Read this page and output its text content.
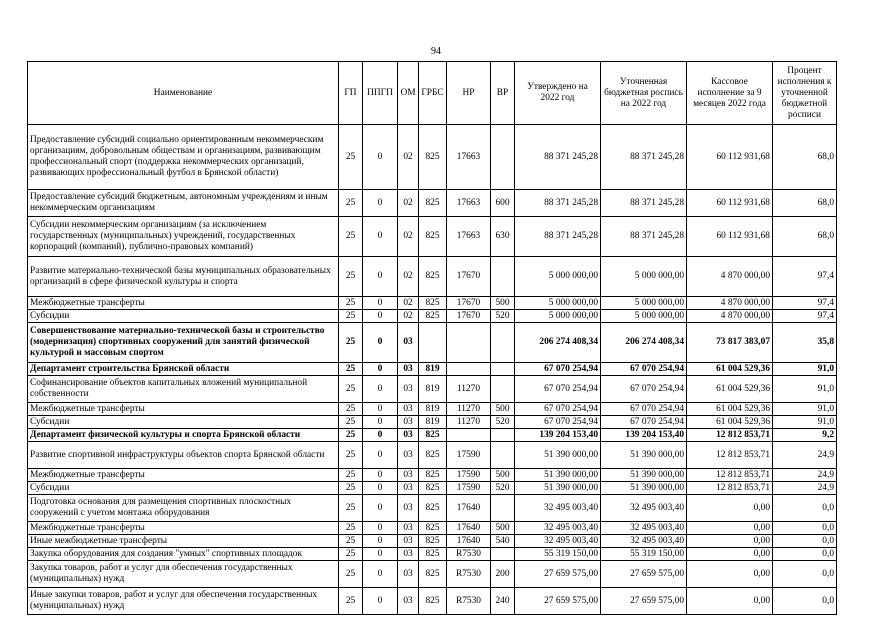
94
Наименование	ГП	ППГП	ОМ	ГРБС	НР	ВР	Утверждено на 2022 год	Уточненная бюджетная роспись на 2022 год	Кассовое исполнение за 9 месяцев 2022 года	Процент исполнения к уточненной бюджетной росписи
Предоставление субсидий социально ориентированным некоммерческим организациям, добровольным обществам и организациям, развивающим профессиональный спорт (поддержка некоммерческих организаций, развивающих профессиональный футбол в Брянской области)	25	0	02	825	17663		88 371 245,28	88 371 245,28	60 112 931,68	68,0
Предоставление субсидий бюджетным, автономным учреждениям и иным некоммерческим организациям	25	0	02	825	17663	600	88 371 245,28	88 371 245,28	60 112 931,68	68,0
Субсидии некоммерческим организациям (за исключением государственных (муниципальных) учреждений, государственных корпораций (компаний), публично-правовых компаний)	25	0	02	825	17663	630	88 371 245,28	88 371 245,28	60 112 931,68	68,0
Развитие материально-технической базы муниципальных образовательных организаций в сфере физической культуры и спорта	25	0	02	825	17670		5 000 000,00	5 000 000,00	4 870 000,00	97,4
Межбюджетные трансферты	25	0	02	825	17670	500	5 000 000,00	5 000 000,00	4 870 000,00	97,4
Субсидии	25	0	02	825	17670	520	5 000 000,00	5 000 000,00	4 870 000,00	97,4
Совершенствование материально-технической базы и строительство (модернизация) спортивных сооружений для занятий физической культурой и массовым спортом	25	0	03				206 274 408,34	206 274 408,34	73 817 383,07	35,8
Департамент строительства Брянской области	25	0	03	819			67 070 254,94	67 070 254,94	61 004 529,36	91,0
Софинансирование объектов капитальных вложений муниципальной собственности	25	0	03	819	11270		67 070 254,94	67 070 254,94	61 004 529,36	91,0
Межбюджетные трансферты	25	0	03	819	11270	500	67 070 254,94	67 070 254,94	61 004 529,36	91,0
Субсидии	25	0	03	819	11270	520	67 070 254,94	67 070 254,94	61 004 529,36	91,0
Департамент физической культуры и спорта Брянской области	25	0	03	825			139 204 153,40	139 204 153,40	12 812 853,71	9,2
Развитие спортивной инфраструктуры объектов спорта Брянской области	25	0	03	825	17590		51 390 000,00	51 390 000,00	12 812 853,71	24,9
Межбюджетные трансферты	25	0	03	825	17590	500	51 390 000,00	51 390 000,00	12 812 853,71	24,9
Субсидии	25	0	03	825	17590	520	51 390 000,00	51 390 000,00	12 812 853,71	24,9
Подготовка основания для размещения спортивных плоскостных сооружений с учетом монтажа оборудования	25	0	03	825	17640		32 495 003,40	32 495 003,40	0,00	0,0
Межбюджетные трансферты	25	0	03	825	17640	500	32 495 003,40	32 495 003,40	0,00	0,0
Иные межбюджетные трансферты	25	0	03	825	17640	540	32 495 003,40	32 495 003,40	0,00	0,0
Закупка оборудования для создания "умных" спортивных площадок	25	0	03	825	R7530		55 319 150,00	55 319 150,00	0,00	0,0
Закупка товаров, работ и услуг для обеспечения государственных (муниципальных) нужд	25	0	03	825	R7530	200	27 659 575,00	27 659 575,00	0,00	0,0
Иные закупки товаров, работ и услуг для обеспечения государственных (муниципальных) нужд	25	0	03	825	R7530	240	27 659 575,00	27 659 575,00	0,00	0,0
